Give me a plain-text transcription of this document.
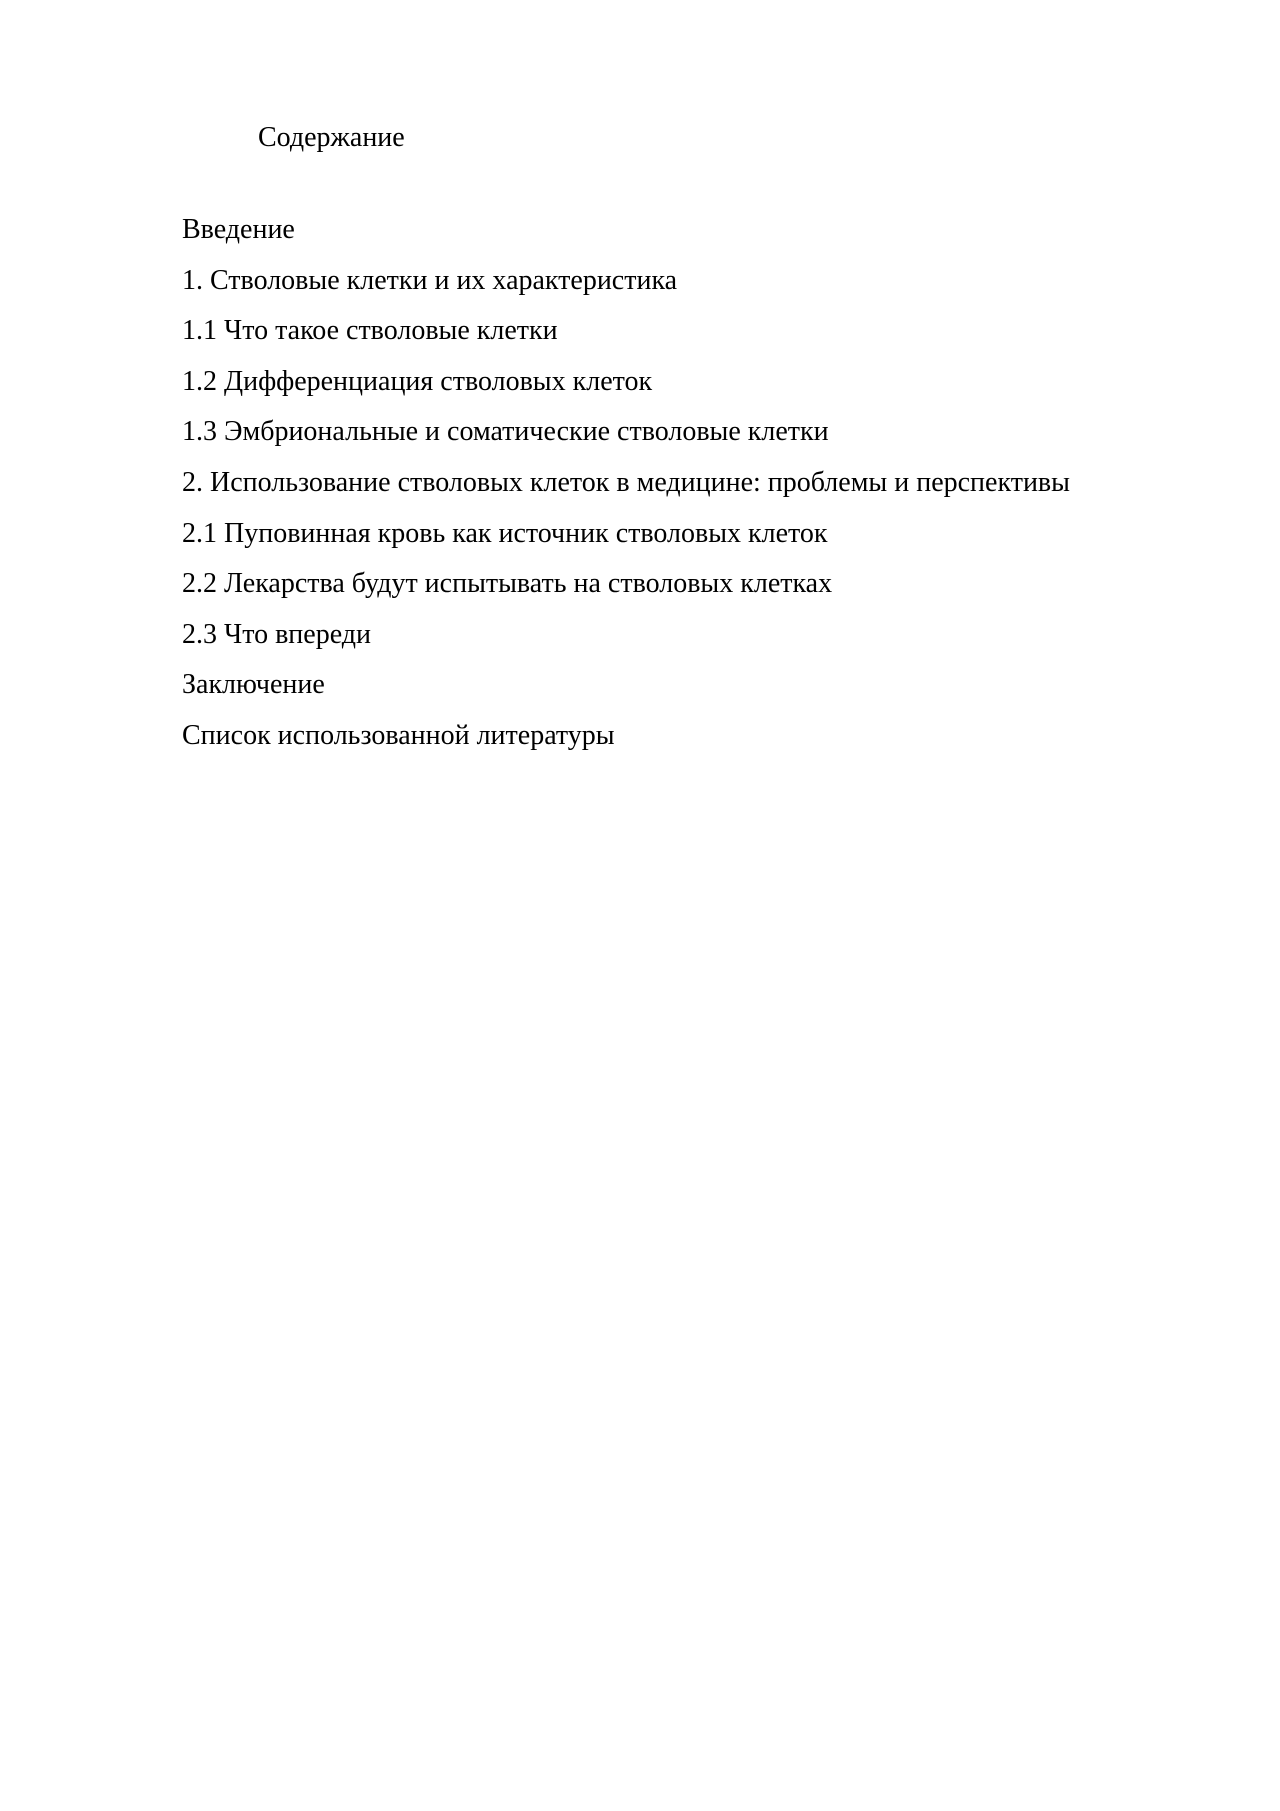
Содержание
Введение
1. Стволовые клетки и их характеристика
1.1 Что такое стволовые клетки
1.2 Дифференциация стволовых клеток
1.3 Эмбриональные и соматические стволовые клетки
2. Использование стволовых клеток в медицине: проблемы и перспективы
2.1 Пуповинная кровь как источник стволовых клеток
2.2 Лекарства будут испытывать на стволовых клетках
2.3 Что впереди
Заключение
Список использованной литературы
